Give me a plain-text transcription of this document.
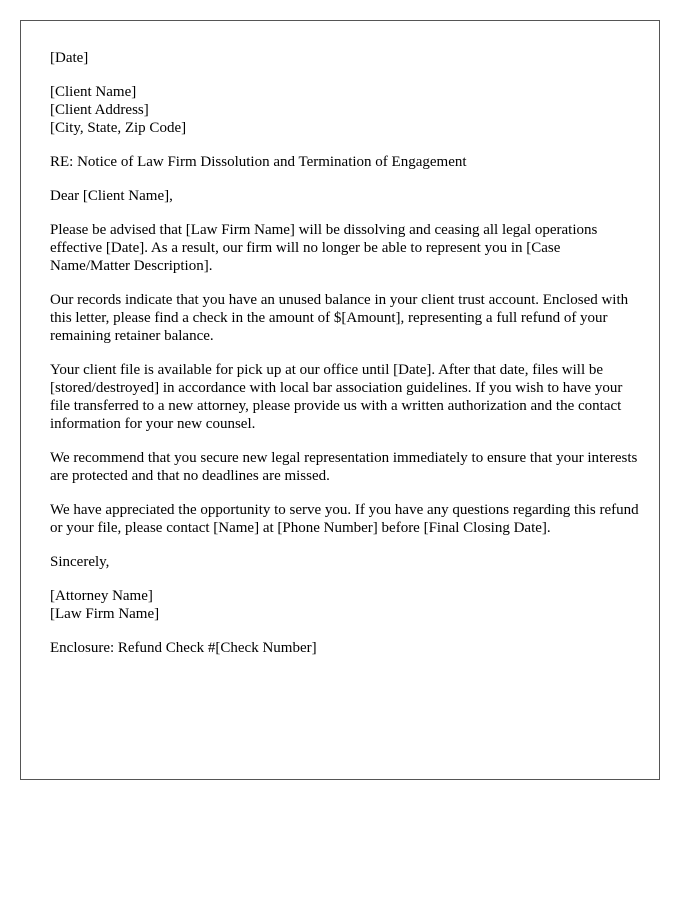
[Date]
[Client Name]
[Client Address]
[City, State, Zip Code]
RE: Notice of Law Firm Dissolution and Termination of Engagement
Dear [Client Name],

Please be advised that [Law Firm Name] will be dissolving and ceasing all legal operations effective [Date]. As a result, our firm will no longer be able to represent you in [Case Name/Matter Description].

Our records indicate that you have an unused balance in your client trust account. Enclosed with this letter, please find a check in the amount of $[Amount], representing a full refund of your remaining retainer balance.

Your client file is available for pick up at our office until [Date]. After that date, files will be [stored/destroyed] in accordance with local bar association guidelines. If you wish to have your file transferred to a new attorney, please provide us with a written authorization and the contact information for your new counsel.

We recommend that you secure new legal representation immediately to ensure that your interests are protected and that no deadlines are missed.

We have appreciated the opportunity to serve you. If you have any questions regarding this refund or your file, please contact [Name] at [Phone Number] before [Final Closing Date].

Sincerely,
[Attorney Name]
[Law Firm Name]
Enclosure: Refund Check #[Check Number]
